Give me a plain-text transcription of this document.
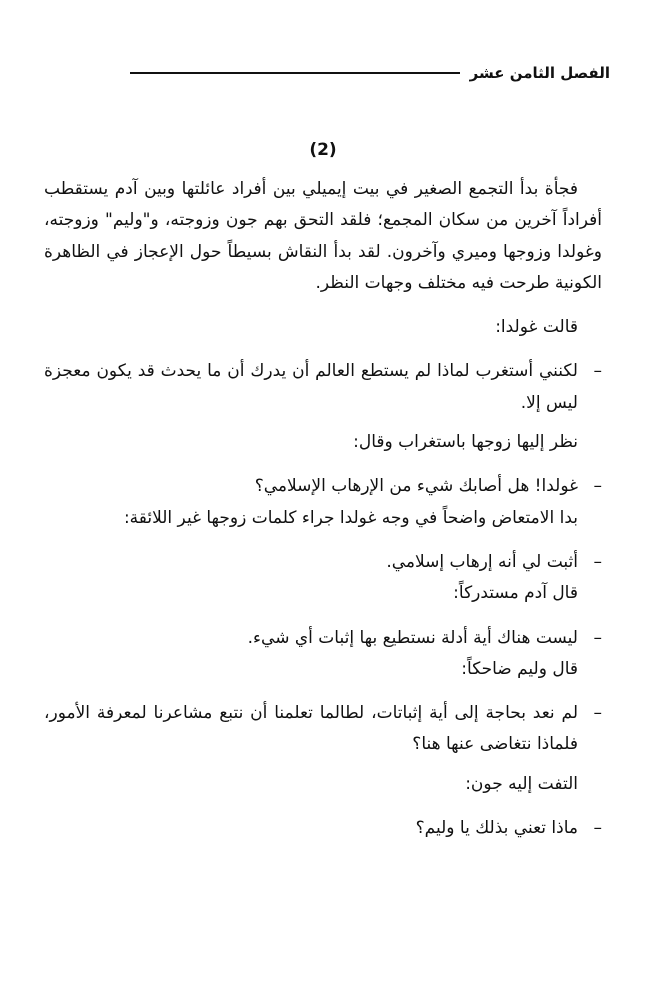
الفصل الثامن عشر
(2)

فجأة بدأ التجمع الصغير في بيت إيميلي بين أفراد عائلتها وبين آدم يستقطب أفراداً آخرين من سكان المجمع؛ فلقد التحق بهم جون وزوجته، و"وليم" وزوجته، وغولدا وزوجها وميري وآخرون. لقد بدأ النقاش بسيطاً حول الإعجاز في الظاهرة الكونية طرحت فيه مختلف وجهات النظر.

قالت غولدا:

–
لكنني أستغرب لماذا لم يستطع العالم أن يدرك أن ما يحدث قد يكون معجزة ليس إلا.

نظر إليها زوجها باستغراب وقال:

–
غولدا! هل أصابك شيء من الإرهاب الإسلامي؟

بدا الامتعاض واضحاً في وجه غولدا جراء كلمات زوجها غير اللائقة:

–
أثبت لي أنه إرهاب إسلامي.

قال آدم مستدركاً:

–
ليست هناك أية أدلة نستطيع بها إثبات أي شيء.

قال وليم ضاحكاً:

–
لم نعد بحاجة إلى أية إثباتات، لطالما تعلمنا أن نتبع مشاعرنا لمعرفة الأمور، فلماذا نتغاضى عنها هنا؟

التفت إليه جون:

–
ماذا تعني بذلك يا وليم؟
